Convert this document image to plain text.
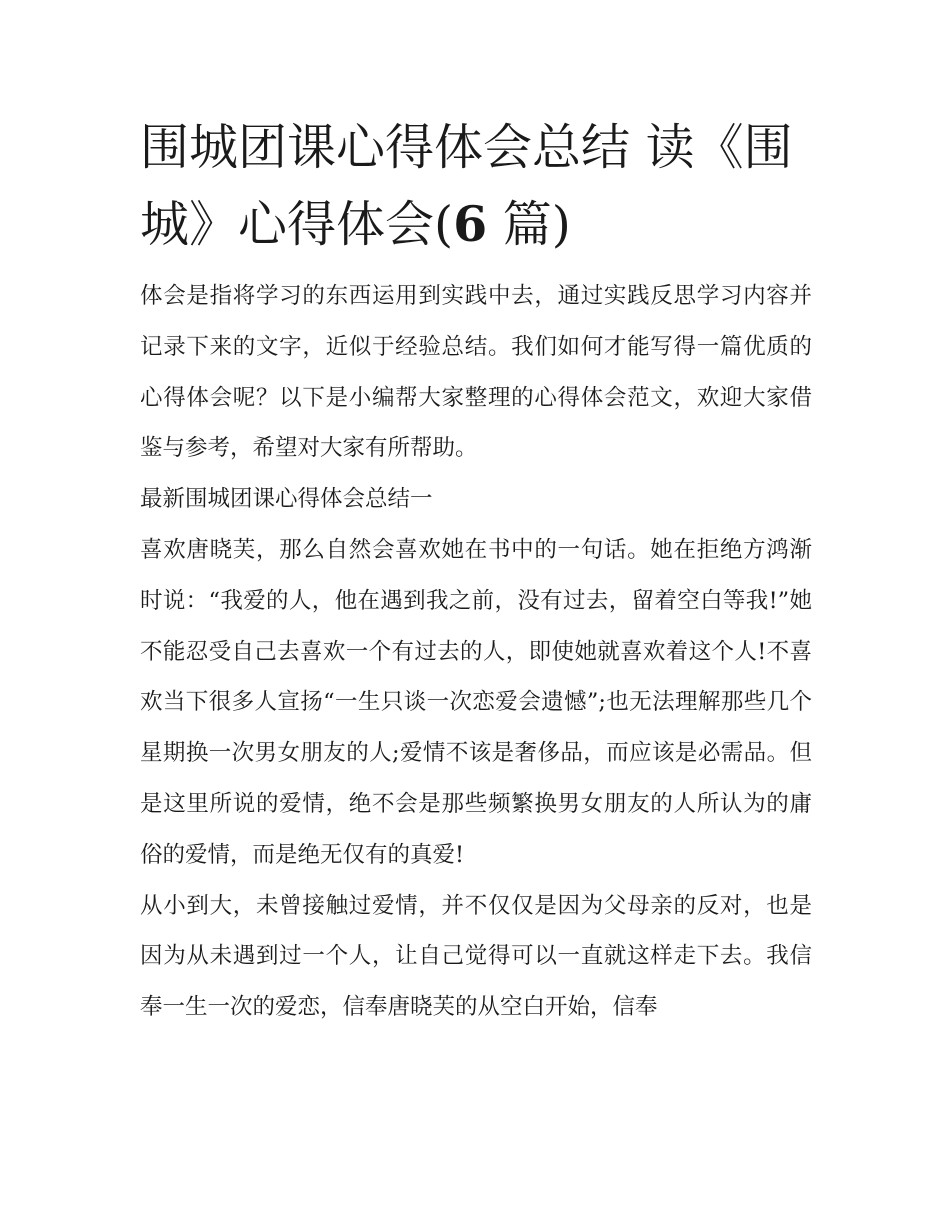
围城团课心得体会总结 读《围城》心得体会(6 篇)

体会是指将学习的东西运用到实践中去，通过实践反思学习内容并记录下来的文字，近似于经验总结。我们如何才能写得一篇优质的心得体会呢？以下是小编帮大家整理的心得体会范文，欢迎大家借鉴与参考，希望对大家有所帮助。

最新围城团课心得体会总结一

喜欢唐晓芙，那么自然会喜欢她在书中的一句话。她在拒绝方鸿渐时说：“我爱的人，他在遇到我之前，没有过去，留着空白等我!”她不能忍受自己去喜欢一个有过去的人，即使她就喜欢着这个人!不喜欢当下很多人宣扬“一生只谈一次恋爱会遗憾”;也无法理解那些几个星期换一次男女朋友的人;爱情不该是奢侈品，而应该是必需品。但是这里所说的爱情，绝不会是那些频繁换男女朋友的人所认为的庸俗的爱情，而是绝无仅有的真爱!

从小到大，未曾接触过爱情，并不仅仅是因为父母亲的反对，也是因为从未遇到过一个人，让自己觉得可以一直就这样走下去。我信奉一生一次的爱恋，信奉唐晓芙的从空白开始，信奉
